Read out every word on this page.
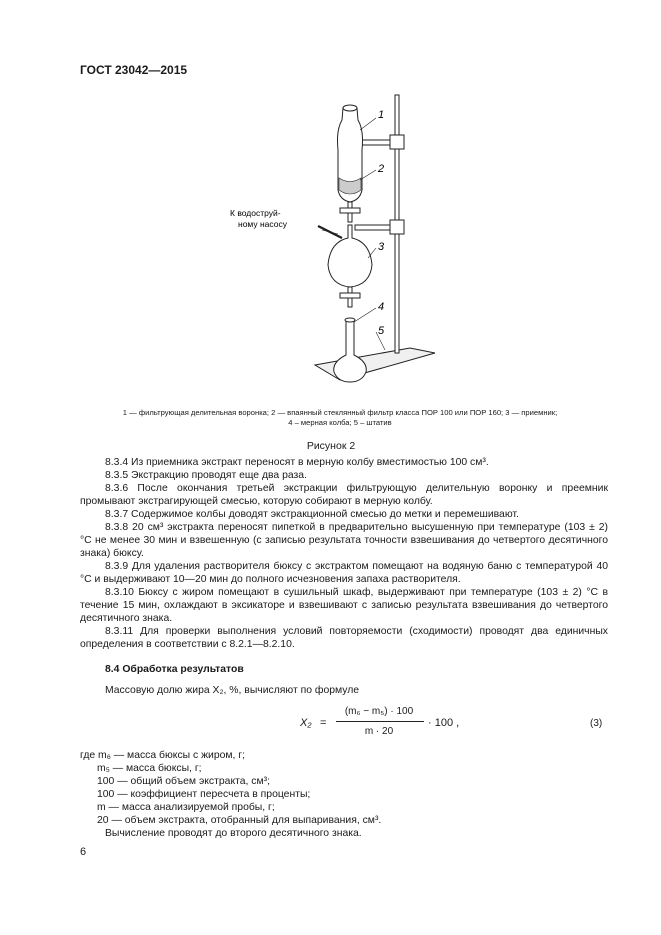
ГОСТ 23042—2015
1
2
3
4
5
К водоструй-
ному насосу
1 — фильтрующая делительная воронка; 2 — впаянный стеклянный фильтр класса ПОР 100 или ПОР 160; 3 — приемник;
4 – мерная колба; 5 – штатив
Рисунок 2

8.3.4 Из приемника экстракт переносят в мерную колбу вместимостью 100 см³.

8.3.5 Экстракцию проводят еще два раза.

8.3.6 После окончания третьей экстракции фильтрующую делительную воронку и преемник промывают экстрагирующей смесью, которую собирают в мерную колбу.

8.3.7 Содержимое колбы доводят экстракционной смесью до метки и перемешивают.

8.3.8 20 см³ экстракта переносят пипеткой в предварительно высушенную при температуре (103 ± 2) °С не менее 30 мин и взвешенную (с записью результата точности взвешивания до четвертого десятичного знака) бюксу.

8.3.9 Для удаления растворителя бюксу с экстрактом помещают на водяную баню с температурой 40 °С и выдерживают 10—20 мин до полного исчезновения запаха растворителя.

8.3.10 Бюксу с жиром помещают в сушильный шкаф, выдерживают при температуре (103 ± 2) °С в течение 15 мин, охлаждают в эксикаторе и взвешивают с записью результата взвешивания до четвертого десятичного знака.

8.3.11 Для проверки выполнения условий повторяемости (сходимости) проводят два единичных определения в соответствии с 8.2.1—8.2.10.

8.4 Обработка результатов

Массовую долю жира X₂, %, вычисляют по формуле

X₂ =
(m₆ − m₅) · 100
m · 20
· 100 ,	(3)

где m₆ — масса бюксы с жиром, г;

m₅ — масса бюксы, г;

100 — общий объем экстракта, см³;

100 — коэффициент пересчета в проценты;

m — масса анализируемой пробы, г;

20 — объем экстракта, отобранный для выпаривания, см³.

Вычисление проводят до второго десятичного знака.

6
